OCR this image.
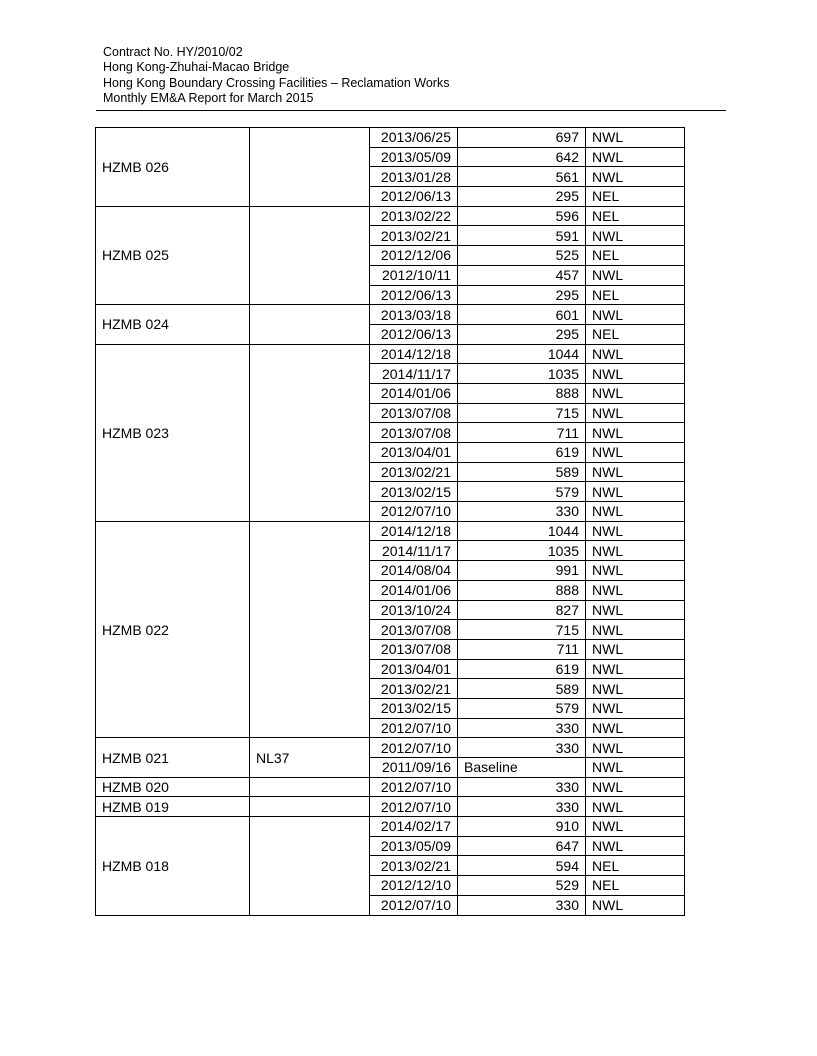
Contract No. HY/2010/02
Hong Kong-Zhuhai-Macao Bridge
Hong Kong Boundary Crossing Facilities – Reclamation Works
Monthly EM&A Report for March 2015
HZMB 026		2013/06/25	697	NWL
		2013/05/09	642	NWL
		2013/01/28	561	NWL
		2012/06/13	295	NEL
HZMB 025		2013/02/22	596	NEL
		2013/02/21	591	NWL
		2012/12/06	525	NEL
		2012/10/11	457	NWL
		2012/06/13	295	NEL
HZMB 024		2013/03/18	601	NWL
		2012/06/13	295	NEL
HZMB 023		2014/12/18	1044	NWL
		2014/11/17	1035	NWL
		2014/01/06	888	NWL
		2013/07/08	715	NWL
		2013/07/08	711	NWL
		2013/04/01	619	NWL
		2013/02/21	589	NWL
		2013/02/15	579	NWL
		2012/07/10	330	NWL
HZMB 022		2014/12/18	1044	NWL
		2014/11/17	1035	NWL
		2014/08/04	991	NWL
		2014/01/06	888	NWL
		2013/10/24	827	NWL
		2013/07/08	715	NWL
		2013/07/08	711	NWL
		2013/04/01	619	NWL
		2013/02/21	589	NWL
		2013/02/15	579	NWL
		2012/07/10	330	NWL
HZMB 021	NL37	2012/07/10	330	NWL
		2011/09/16	Baseline	NWL
HZMB 020		2012/07/10	330	NWL
HZMB 019		2012/07/10	330	NWL
HZMB 018		2014/02/17	910	NWL
		2013/05/09	647	NWL
		2013/02/21	594	NEL
		2012/12/10	529	NEL
		2012/07/10	330	NWL
